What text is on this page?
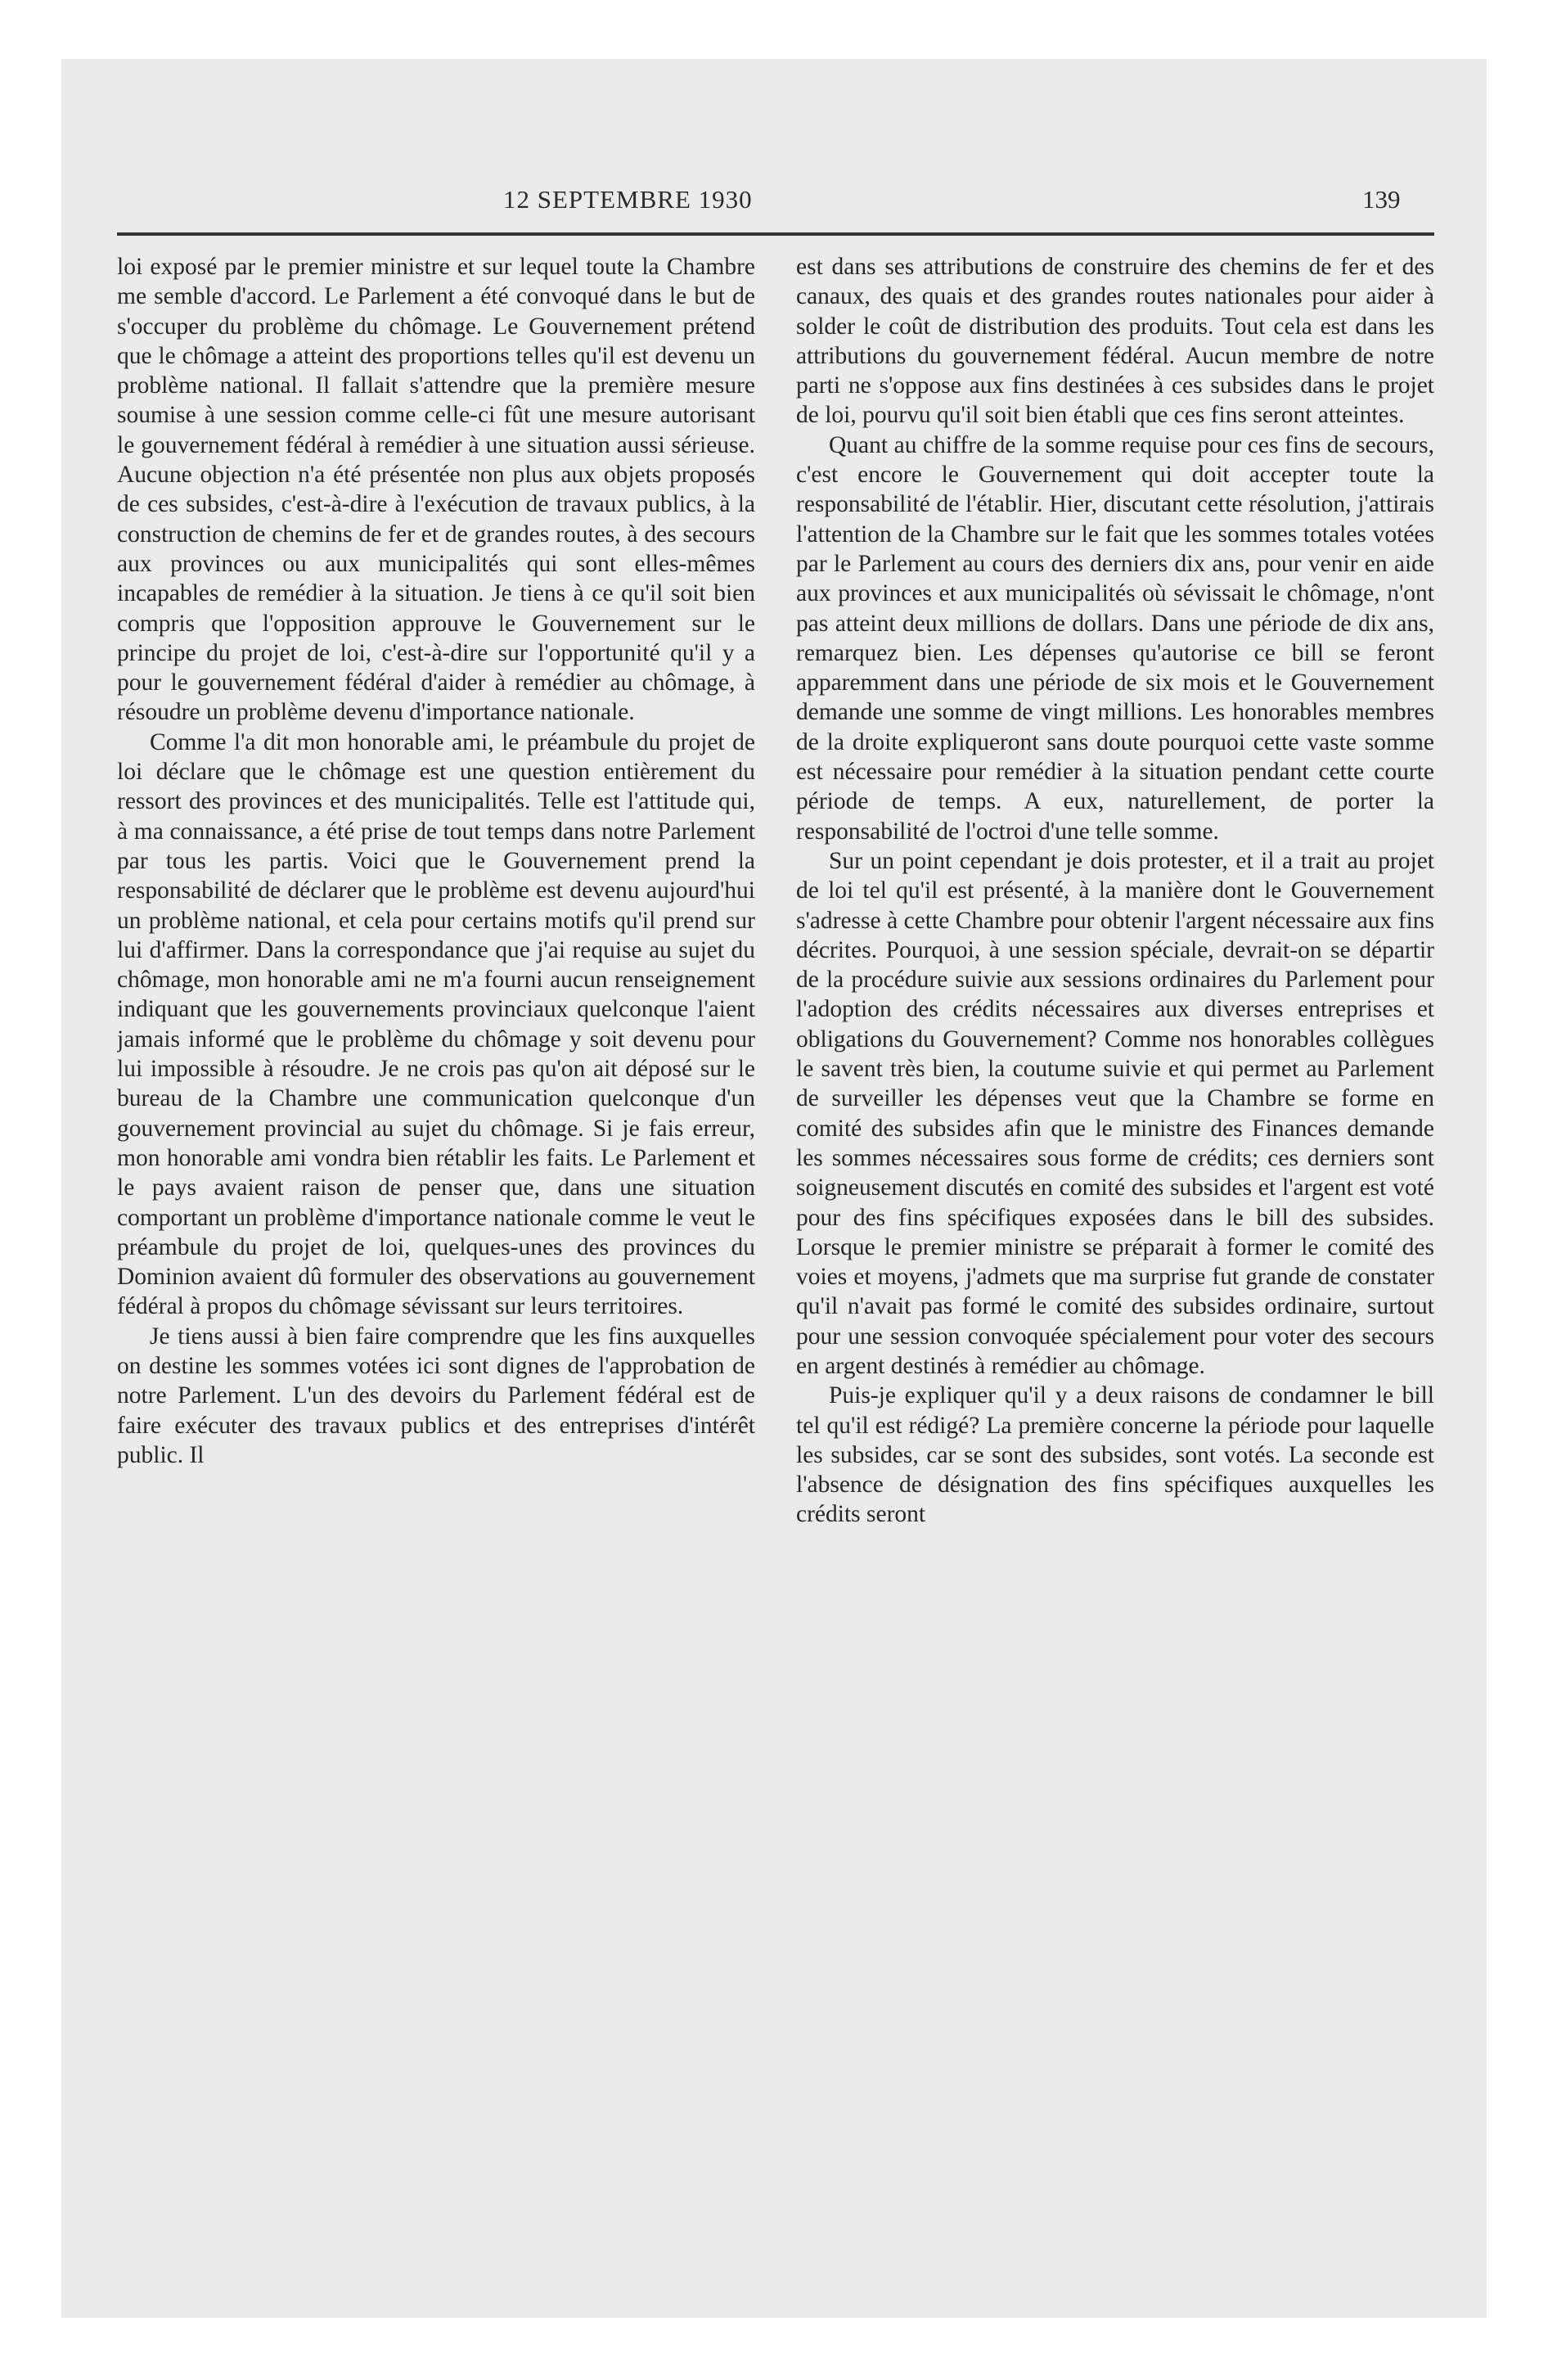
12 SEPTEMBRE 1930	139

loi exposé par le premier ministre et sur lequel toute la Chambre me semble d'accord. Le Parlement a été convoqué dans le but de s'occuper du problème du chômage. Le Gouvernement prétend que le chômage a atteint des proportions telles qu'il est devenu un problème national. Il fallait s'attendre que la première mesure soumise à une session comme celle-ci fût une mesure autorisant le gouvernement fédéral à remédier à une situation aussi sérieuse. Aucune objection n'a été présentée non plus aux objets proposés de ces subsides, c'est-à-dire à l'exécution de travaux publics, à la construction de chemins de fer et de grandes routes, à des secours aux provinces ou aux municipalités qui sont elles-mêmes incapables de remédier à la situation. Je tiens à ce qu'il soit bien compris que l'opposition approuve le Gouvernement sur le principe du projet de loi, c'est-à-dire sur l'opportunité qu'il y a pour le gouvernement fédéral d'aider à remédier au chômage, à résoudre un problème devenu d'importance nationale.

Comme l'a dit mon honorable ami, le préambule du projet de loi déclare que le chômage est une question entièrement du ressort des provinces et des municipalités. Telle est l'attitude qui, à ma connaissance, a été prise de tout temps dans notre Parlement par tous les partis. Voici que le Gouvernement prend la responsabilité de déclarer que le problème est devenu aujourd'hui un problème national, et cela pour certains motifs qu'il prend sur lui d'affirmer. Dans la correspondance que j'ai requise au sujet du chômage, mon honorable ami ne m'a fourni aucun renseignement indiquant que les gouvernements provinciaux quelconque l'aient jamais informé que le problème du chômage y soit devenu pour lui impossible à résoudre. Je ne crois pas qu'on ait déposé sur le bureau de la Chambre une communication quelconque d'un gouvernement provincial au sujet du chômage. Si je fais erreur, mon honorable ami vondra bien rétablir les faits. Le Parlement et le pays avaient raison de penser que, dans une situation comportant un problème d'importance nationale comme le veut le préambule du projet de loi, quelques-unes des provinces du Dominion avaient dû formuler des observations au gouvernement fédéral à propos du chômage sévissant sur leurs territoires.

Je tiens aussi à bien faire comprendre que les fins auxquelles on destine les sommes votées ici sont dignes de l'approbation de notre Parlement. L'un des devoirs du Parlement fédéral est de faire exécuter des travaux publics et des entreprises d'intérêt public. Il

est dans ses attributions de construire des chemins de fer et des canaux, des quais et des grandes routes nationales pour aider à solder le coût de distribution des produits. Tout cela est dans les attributions du gouvernement fédéral. Aucun membre de notre parti ne s'oppose aux fins destinées à ces subsides dans le projet de loi, pourvu qu'il soit bien établi que ces fins seront atteintes.

Quant au chiffre de la somme requise pour ces fins de secours, c'est encore le Gouvernement qui doit accepter toute la responsabilité de l'établir. Hier, discutant cette résolution, j'attirais l'attention de la Chambre sur le fait que les sommes totales votées par le Parlement au cours des derniers dix ans, pour venir en aide aux provinces et aux municipalités où sévissait le chômage, n'ont pas atteint deux millions de dollars. Dans une période de dix ans, remarquez bien. Les dépenses qu'autorise ce bill se feront apparemment dans une période de six mois et le Gouvernement demande une somme de vingt millions. Les honorables membres de la droite expliqueront sans doute pourquoi cette vaste somme est nécessaire pour remédier à la situation pendant cette courte période de temps. A eux, naturellement, de porter la responsabilité de l'octroi d'une telle somme.

Sur un point cependant je dois protester, et il a trait au projet de loi tel qu'il est présenté, à la manière dont le Gouvernement s'adresse à cette Chambre pour obtenir l'argent nécessaire aux fins décrites. Pourquoi, à une session spéciale, devrait-on se départir de la procédure suivie aux sessions ordinaires du Parlement pour l'adoption des crédits nécessaires aux diverses entreprises et obligations du Gouvernement? Comme nos honorables collègues le savent très bien, la coutume suivie et qui permet au Parlement de surveiller les dépenses veut que la Chambre se forme en comité des subsides afin que le ministre des Finances demande les sommes nécessaires sous forme de crédits; ces derniers sont soigneusement discutés en comité des subsides et l'argent est voté pour des fins spécifiques exposées dans le bill des subsides. Lorsque le premier ministre se préparait à former le comité des voies et moyens, j'admets que ma surprise fut grande de constater qu'il n'avait pas formé le comité des subsides ordinaire, surtout pour une session convoquée spécialement pour voter des secours en argent destinés à remédier au chômage.

Puis-je expliquer qu'il y a deux raisons de condamner le bill tel qu'il est rédigé? La première concerne la période pour laquelle les subsides, car se sont des subsides, sont votés. La seconde est l'absence de désignation des fins spécifiques auxquelles les crédits seront
